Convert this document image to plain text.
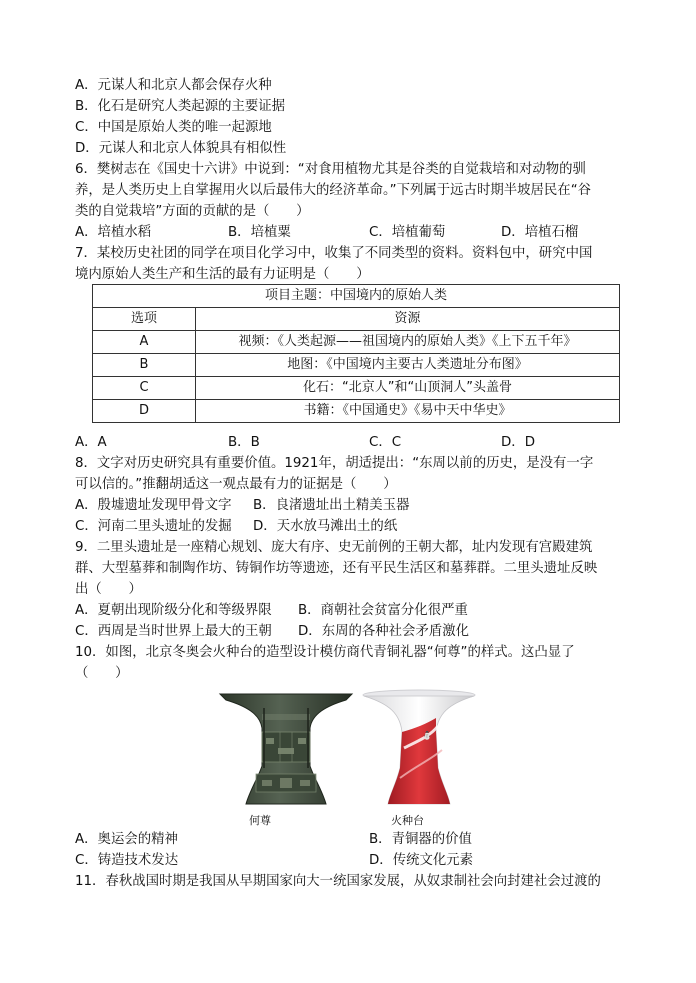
A．元谋人和北京人都会保存火种
B．化石是研究人类起源的主要证据
C．中国是原始人类的唯一起源地
D．元谋人和北京人体貌具有相似性
6．樊树志在《国史十六讲》中说到：“对食用植物尤其是谷类的自觉栽培和对动物的驯
养，是人类历史上自掌握用火以后最伟大的经济革命。”下列属于远古时期半坡居民在“谷
类的自觉栽培”方面的贡献的是（　　）
A．培植水稻	B．培植粟	C．培植葡萄	D．培植石榴
7．某校历史社团的同学在项目化学习中，收集了不同类型的资料。资料包中，研究中国
境内原始人类生产和生活的最有力证明是（　　）
项目主题：中国境内的原始人类	
选项	资源
A	视频：《人类起源——祖国境内的原始人类》《上下五千年》
B	地图：《中国境内主要古人类遗址分布图》
C	化石：“北京人”和“山顶洞人”头盖骨
D	书籍：《中国通史》《易中天中华史》
A．A	B．B	C．C	D．D
8．文字对历史研究具有重要价值。1921年，胡适提出：“东周以前的历史，是没有一字
可以信的。”推翻胡适这一观点最有力的证据是（　　）
A．殷墟遗址发现甲骨文字 B．良渚遗址出土精美玉器
C．河南二里头遗址的发掘 D．天水放马滩出土的纸
9．二里头遗址是一座精心规划、庞大有序、史无前例的王朝大都，址内发现有宫殿建筑
群、大型墓葬和制陶作坊、铸铜作坊等遗迹，还有平民生活区和墓葬群。二里头遗址反映
出（　　）
A．夏朝出现阶级分化和等级界限 B．商朝社会贫富分化很严重
C．西周是当时世界上最大的王朝 D．东周的各种社会矛盾激化
10．如图，北京冬奥会火种台的造型设计模仿商代青铜礼器“何尊”的样式。这凸显了
（　　）
⛄
何尊	火种台
A．奥运会的精神	B．青铜器的价值
C．铸造技术发达	D．传统文化元素
11．春秋战国时期是我国从早期国家向大一统国家发展，从奴隶制社会向封建社会过渡的
